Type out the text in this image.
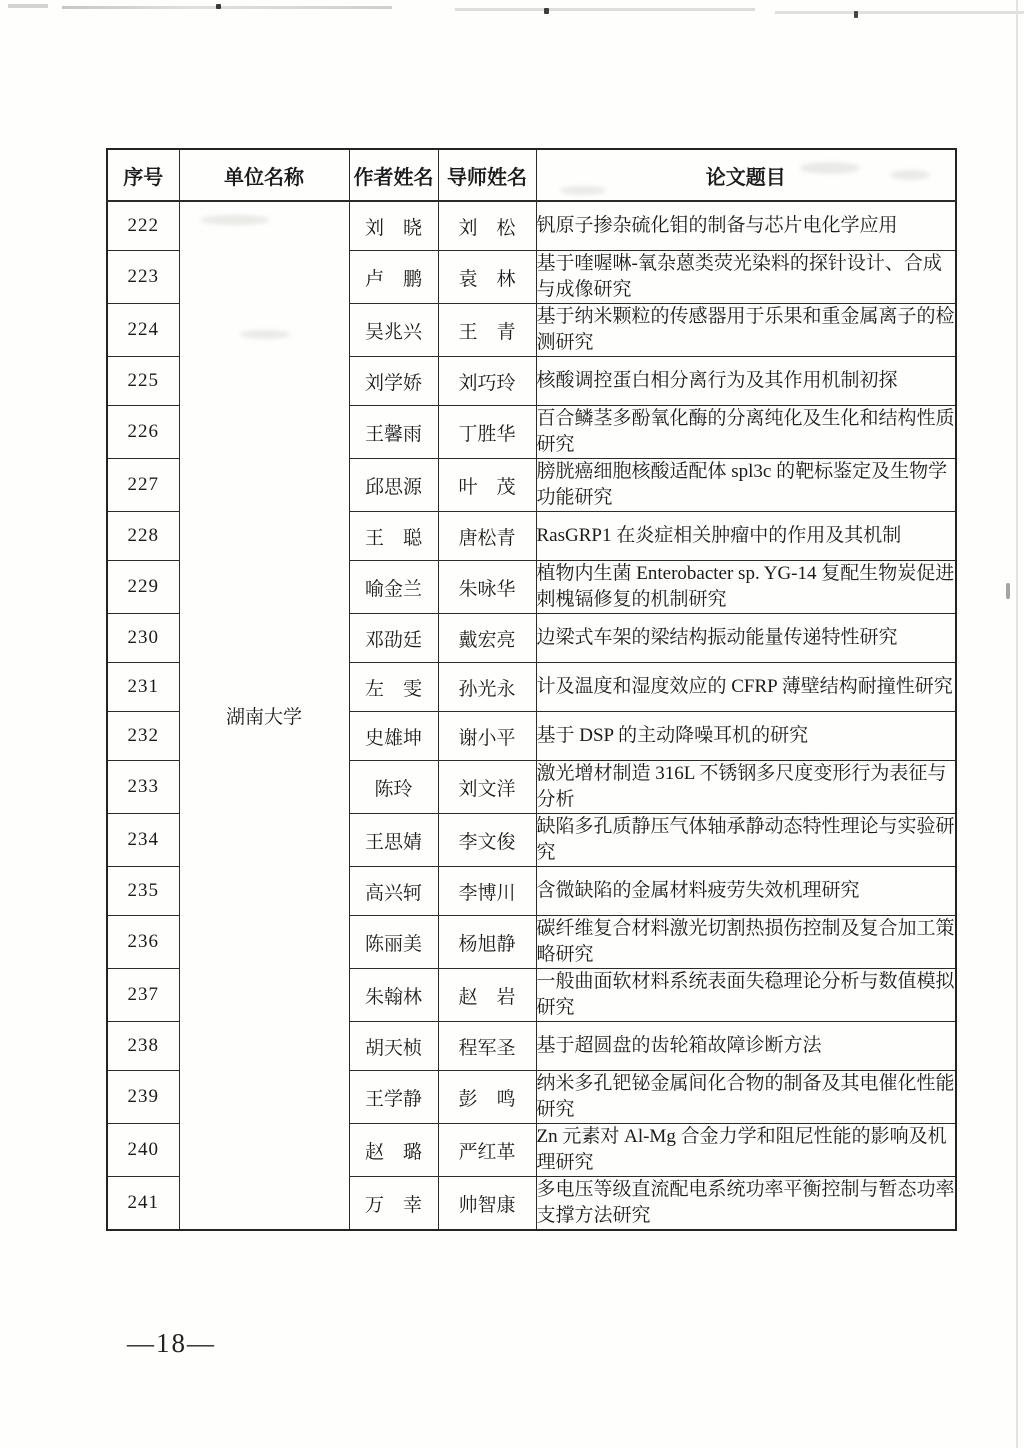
序号	单位名称	作者姓名	导师姓名	论文题目
222	湖南大学	刘　晓	刘　松	钒原子掺杂硫化钼的制备与芯片电化学应用
223		卢　鹏	袁　林	基于喹喔啉-氧杂蒽类荧光染料的探针设计、合成与成像研究
224		吴兆兴	王　青	基于纳米颗粒的传感器用于乐果和重金属离子的检测研究
225		刘学娇	刘巧玲	核酸调控蛋白相分离行为及其作用机制初探
226		王馨雨	丁胜华	百合鳞茎多酚氧化酶的分离纯化及生化和结构性质研究
227		邱思源	叶　茂	膀胱癌细胞核酸适配体 spl3c 的靶标鉴定及生物学功能研究
228		王　聪	唐松青	RasGRP1 在炎症相关肿瘤中的作用及其机制
229		喻金兰	朱咏华	植物内生菌 Enterobacter sp. YG-14 复配生物炭促进刺槐镉修复的机制研究
230		邓劭廷	戴宏亮	边梁式车架的梁结构振动能量传递特性研究
231		左　雯	孙光永	计及温度和湿度效应的 CFRP 薄壁结构耐撞性研究
232		史雄坤	谢小平	基于 DSP 的主动降噪耳机的研究
233		陈玲	刘文洋	激光增材制造 316L 不锈钢多尺度变形行为表征与分析
234		王思婧	李文俊	缺陷多孔质静压气体轴承静动态特性理论与实验研究
235		高兴轲	李博川	含微缺陷的金属材料疲劳失效机理研究
236		陈丽美	杨旭静	碳纤维复合材料激光切割热损伤控制及复合加工策略研究
237		朱翰林	赵　岩	一般曲面软材料系统表面失稳理论分析与数值模拟研究
238		胡天桢	程军圣	基于超圆盘的齿轮箱故障诊断方法
239		王学静	彭　鸣	纳米多孔钯铋金属间化合物的制备及其电催化性能研究
240		赵　璐	严红革	Zn 元素对 Al-Mg 合金力学和阻尼性能的影响及机理研究
241		万　幸	帅智康	多电压等级直流配电系统功率平衡控制与暂态功率支撑方法研究
—18—
